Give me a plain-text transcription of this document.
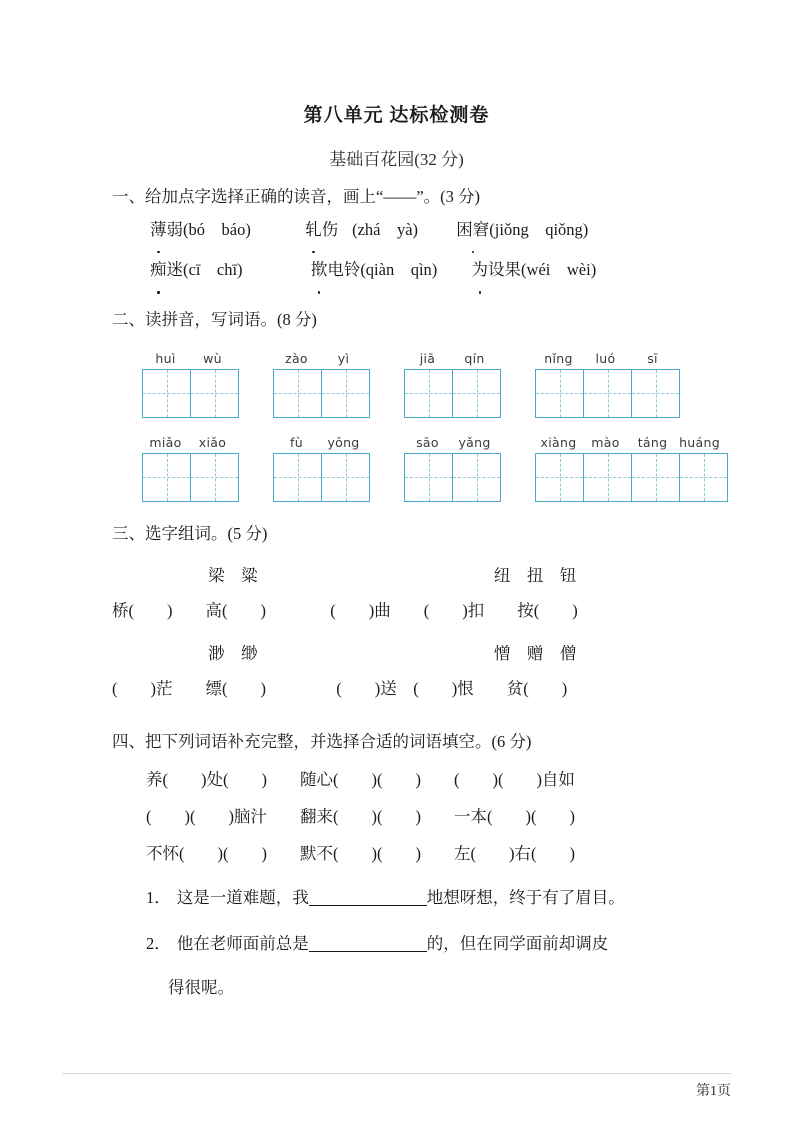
第八单元 达标检测卷
基础百花园(32 分)
一、给加点字选择正确的读音，画上“——”。(3 分)
薄弱(bó　báo)	轧伤 (zhá　yà) 困窘(jiǒng　qiǒng)
痴迷(cī　chī)	揿电铃(qiàn　qìn) 为设果(wéi　wèi)
二、读拼音，写词语。(8 分)
huì	wù	zào	yì	jiā	qín	nǐng	luó	sī
miǎo	xiǎo	fù	yōng	sāo	yǎng	xiàng	mào	táng huáng
三、选字组词。(5 分)
梁　粱	纽　扭　钮
桥(　　)　　高(　　)	(　　)曲　　(　　)扣　　按(　　)
渺　缈	憎　赠　僧
(　　)茫　　缥(　　)	(　　)送　(　　)恨　　贫(　　)
四、把下列词语补充完整，并选择合适的词语填空。(6 分)
养(　　)处(　　)　　随心(　　)(　　)　　(　　)(　　)自如
(　　)(　　)脑汁　　翻来(　　)(　　)　　一本(　　)(　　)
不怀(　　)(　　)　　默不(　　)(　　)　　左(　　)右(　　)
1． 这是一道难题，我	地想呀想，终于有了眉目。
2． 他在老师面前总是	的，但在同学面前却调皮
得很呢。
第1页
